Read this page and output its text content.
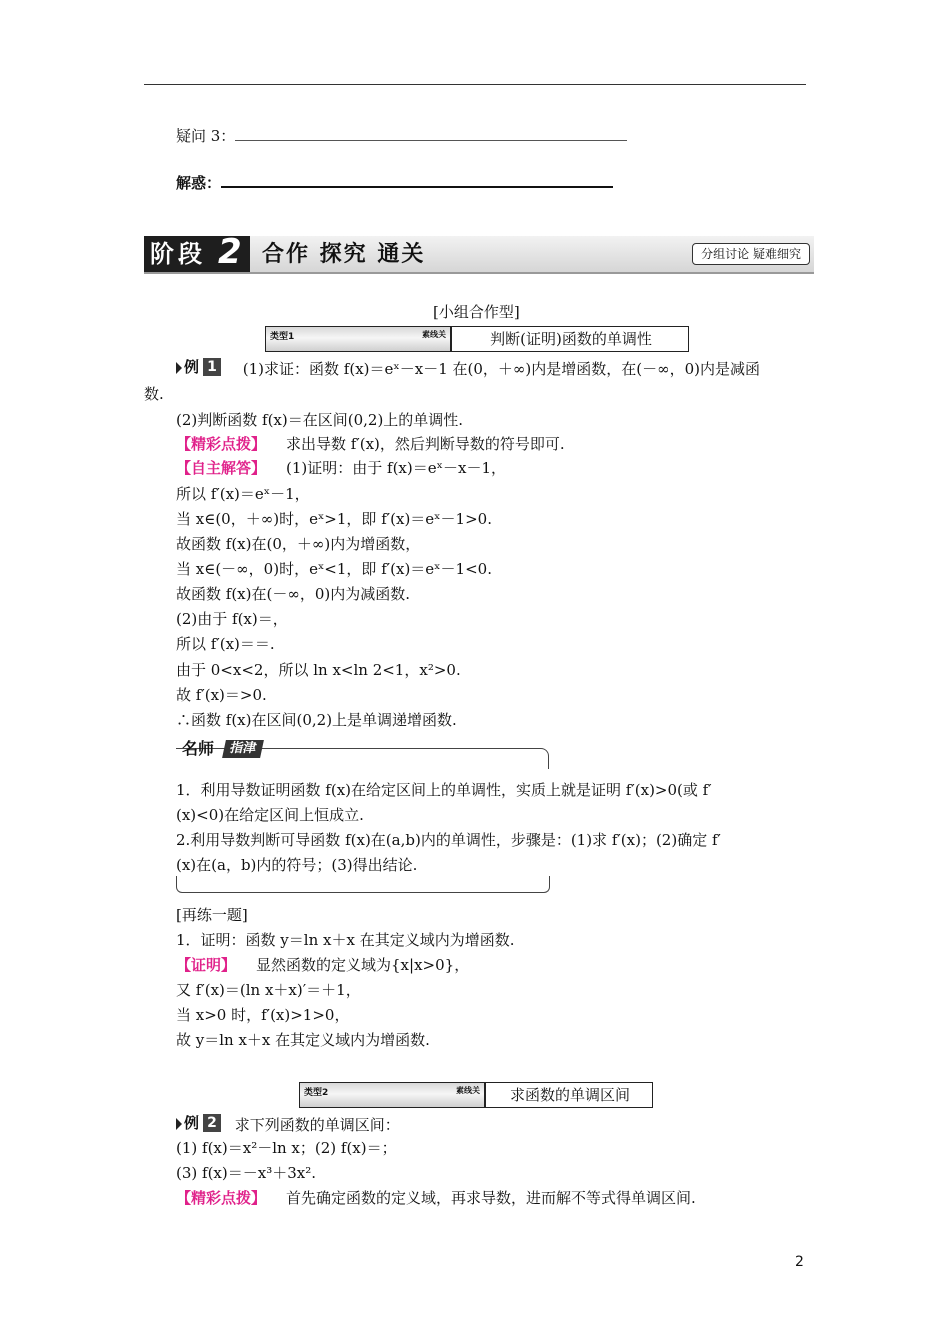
疑问 3：
解惑：
阶段 2 合作 探究 通关	分组讨论 疑难细究
[小组合作型]
类型1	素线关	判断(证明)函数的单调性
例 1 (1)求证：函数 f(x)＝eˣ－x－1 在(0，＋∞)内是增函数，在(－∞，0)内是减函
数.
(2)判断函数 f(x)＝在区间(0,2)上的单调性.
【精彩点拨】 求出导数 f′(x)，然后判断导数的符号即可.
【自主解答】 (1)证明：由于 f(x)＝eˣ－x－1，
所以 f′(x)＝eˣ－1，
当 x∈(0，＋∞)时，eˣ>1，即 f′(x)＝eˣ－1>0.
故函数 f(x)在(0，＋∞)内为增函数，
当 x∈(－∞，0)时，eˣ<1，即 f′(x)＝eˣ－1<0.
故函数 f(x)在(－∞，0)内为减函数.
(2)由于 f(x)＝，
所以 f′(x)＝＝.
由于 0<x<2，所以 ln x<ln 2<1，x²>0.
故 f′(x)＝>0.
∴函数 f(x)在区间(0,2)上是单调递增函数.
名师	指津
1．利用导数证明函数 f(x)在给定区间上的单调性，实质上就是证明 f′(x)>0(或 f′
(x)<0)在给定区间上恒成立.
2.利用导数判断可导函数 f(x)在(a,b)内的单调性，步骤是：(1)求 f′(x)；(2)确定 f′
(x)在(a，b)内的符号；(3)得出结论.
[再练一题]
1．证明：函数 y＝ln x＋x 在其定义域内为增函数.
【证明】 显然函数的定义域为{x|x>0}，
又 f′(x)＝(ln x＋x)′＝＋1，
当 x>0 时，f′(x)>1>0，
故 y＝ln x＋x 在其定义域内为增函数.
类型2	素线关	求函数的单调区间
例 2 求下列函数的单调区间：
(1) f(x)＝x²－ln x；(2) f(x)＝；
(3) f(x)＝－x³＋3x².
【精彩点拨】 首先确定函数的定义域，再求导数，进而解不等式得单调区间.
2
